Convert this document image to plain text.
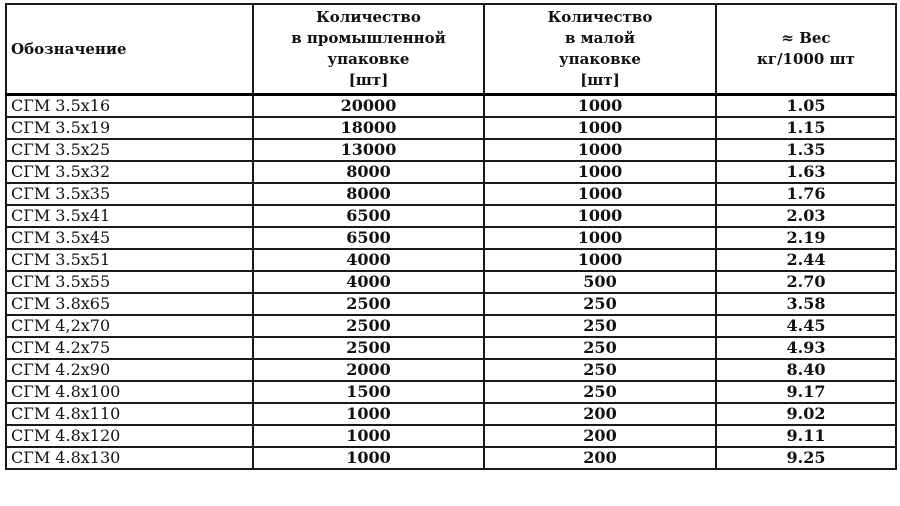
Обозначение	Количество
в промышленной
упаковке
[шт]	Количество
в малой
упаковке
[шт]	≈ Вес
кг/1000 шт

СГМ 3.5x16	20000	1000	1.05
СГМ 3.5x19	18000	1000	1.15
СГМ 3.5x25	13000	1000	1.35
СГМ 3.5x32	8000	1000	1.63
СГМ 3.5x35	8000	1000	1.76
СГМ 3.5x41	6500	1000	2.03
СГМ 3.5x45	6500	1000	2.19
СГМ 3.5x51	4000	1000	2.44
СГМ 3.5x55	4000	500	2.70
СГМ 3.8x65	2500	250	3.58
СГМ 4,2x70	2500	250	4.45
СГМ 4.2x75	2500	250	4.93
СГМ 4.2x90	2000	250	8.40
СГМ 4.8x100	1500	250	9.17
СГМ 4.8x110	1000	200	9.02
СГМ 4.8x120	1000	200	9.11
СГМ 4.8x130	1000	200	9.25
